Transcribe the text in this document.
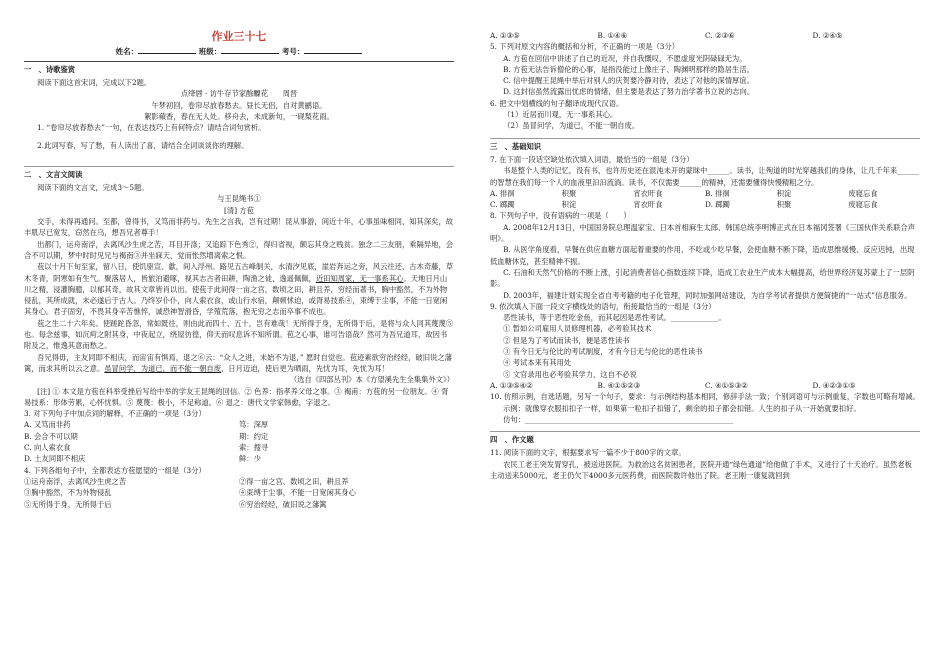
作业三十七
姓名：	班级：	考号：
一　、诗歌鉴赏

阅读下面这首宋词，完成以下2题。

点绛唇 · 访牛存节家酴醾花　　周晋

午梦初回，卷帘尽放春愁去。昼长无侣，自对黄鹂语。

絮影蘋香，春在无人处。移舟去，未成新句，一砚梨花雨。

1. “卷帘尽放春愁去”一句，在表达技巧上有何特点？请结合词句赏析。

2.此词写春，写了愁，有人读出了喜，请结合全词谈谈你的理解。

二　、文言文阅读

阅读下面的文言文，完成3～5题。

与王昆绳书①

[清] 方苞

交手，未得再通问。至都，曾得书，又笃而非药与。先生之言我，岂有过期！昆从事游，间近十年，心事虽味相同，知其深矣，故丰肌尽已宽发，窃然在乌，想吾兄者尊手！

出都门，运舟南浮，去离风沙生虎之苦，耳目开涤；又追踪下色秀②，得归省视，颇忘其身之贱贫。独念二三友朋，乘隔异地，会合不可以期，梦中时时见兄与褐南③并坐寐天，觉而怅然增离索之恨。

苞以十月下旬至家，留八日，使饥驱宣、歙，间入浮州。路见五古峰制关，水清汐见底，崖岩奔运之旁，风云往还，古木奇藤，草木冬青，阴寒如有生气。聚落居人，皆旅泊避啄，视其志古者田耕，陶渔之徒，逸遥佩佩，近田知周家，无一事系其心。天地日月山川之精，浸灌胸臆，以郁其奇，故其文章皆肖以出。使苞于此间得一亩之宫，数顷之田，耕且养，穷经而著书，胸中豁然，不为外物侵乱，其所成就，未必遂后于古人。乃终岁仆仆，向人索衣食，或山行水宿，颠顿怵迫，或胥易技系④，束缚于尘事，不能一日宽闲其身心。君子固穷，不畏其身辛苦憔悴，诚恐神智滑昏，学殖荒落，抱无穷之志而卒事不成也。

苞之生二十六年矣。使蹉跎昏忽，常如既往，则由此而四十、五十，岂有难哉！无所得于身，无所得于后，是将与众人同其蔑蔑⑤也。每念兹事，如沉疴之附其身，中夜起立，绕屋彷徨，仰天而叹息诉不知所谓。苞之心事，谁可告语哉？然可为吾兄道耳，故因书附及之，惟逸其意而愁之。

吾兄得毋，主友同即不相庆，而宙宙有惧焉，退之⑥云：“众人之进，未始不为退，” 愿时自觉也。苞迹素欲穷治经经，破旧说之藩篱，而求其所以云之意。虽冒问学，为道已，而不能一朝自废，日月迈迫，使后更为晒雨，先忧为耳，先忧为耳！

（选自《四部丛刊》本《方望溪先生全集集外文》）

[注] ① 本文是方苞在科举受挫后写给中举的学友王昆绳的回信。② 色养：指孝养父母之事。③ 褐甫：方苞的另一位朋友。④ 胥易技系：形体劳累，心怀忧惧。⑤ 蔑蔑：极小，不足称道。⑥ 退之：唐代文学家韩愈，字退之。

3. 对下列句子中加点词的解释，不正确的一项是（3分）

A. 又笃而非药	笃：深厚
B. 会合不可以期	期：约定
C. 向人索衣食	索：搜寻
D. 土友同即不相庆	鲜：少

4. 下列各组句子中，全都表达方苞愿望的一组是（3分）

①运舟南浮，去离风沙生虎之苦	②得一亩之宫、数顷之田，耕且养
③胸中豁然，不为外物侵乱	④束缚于尘事，不能一日宽闲其身心
⑤无所得于身，无所得于后	⑥穷治经经，破旧说之藩篱
A. ①③⑤	B. ①④⑥	C. ②③⑥	D. ②④⑤

5. 下列对原文内容的概括和分析，不正确的一项是（3分）

A. 方苞在回信中讲述了自己的近况，并自我慨叹，不愿虚度光阴碌碌无为。

B. 方苞无法告诉僧伦的心事，是指没能过上像庄子、陶渊明那样的隐居生活。

C. 信中提醒王昆绳中举后对别人的庆贺要冷静对待，表达了对他的深情厚谊。

D. 这封信虽然流露出忧虑的情绪，但主要是表达了努力治学著书立说的志向。

6. 把文中划横线的句子翻译成现代汉语。

（1）近居而川观，无一事系其心。

（2）虽冒问学，为道已，不能一朝自废。

三　、基础知识

7. 在下面一段话空缺处依次填入词语，最恰当的一组是（3分）

书是整个人类的记忆，没有书，也许历史还在混沌未开的蒙昧中______。读书，让殉道的时光穿越我们的身体，让几千年来______的智慧在我们每一个人的血液里汩汩流淌。读书，不仅需要______的精神，还需要懂得快慢精粗之分。

A. 徘徊	积聚	宵衣旰食	B. 徘徊	积淀	废寝忘食
C. 踯躅	积淀	宵衣旰食	D. 踯躅	积聚	废寝忘食

8. 下列句子中，没有语病的一项是（　　）

A. 2008年12月13日，中国国务院总理温家宝、日本首相麻生太郎、韩国总统李明博正式在日本福冈签署《三国伙伴关系联合声明》。

B. 从医学角度看，早餐在供应血糖方面起着重要的作用，不吃或少吃早餐，会使血糖不断下降，造成思维缓慢、反应迟钝，出现低血糖休克，甚至精神不振。

C. 石油和天然气价格的不断上涨，引起消费者信心指数连续下降，造成工农业生产成本大幅提高，给世界经济复苏蒙上了一层阴影。

D. 2003年，福建计划实现全省自考考籍的电子化管理，同时加强网站建设，为自学考试者提供方便简捷的“一站式”信息服务。

9. 依次填入下面一段文字横线处的语句，衔接最恰当的一组是（3分）

恶性读书，等于恶性吃金鱼，而其起因是恶性考试。_____________。

① 暂如公司雇用人员修理机器，必考验其技术

② 但是为了考试而读书，便是恶性读书

③ 有今日无与伦比的考试制度，才有今日无与伦比的恶性读书

④ 考试本来有其用处

⑤ 文官录用也必考验其学力，这自不必说

A. ①③⑤④②	B. ④①⑤②③	C. ④①⑤③②	D. ④②③①⑤

10. 仿照示例，自选话题，另写一个句子，要求：与示例结构基本相同，修辞手法一致；个别词语可与示例重复，字数也可略有增减。

示例：就像穿衣服扣扣子一样，如果第一粒扣子扣错了，剩余的扣子都会扣错。人生的扣子从一开始就要扣好。

仿句：_________________________________________________________

四　、作文题

11. 阅读下面的文字，根据要求写一篇不少于800字的文章。

农民工老王突发胃穿孔，被送进医院。为救治这名贫困患者，医院开通“绿色通道”给他做了手术，又进行了十天治疗。虽然老板　主动送来5000元，老王仍欠下4000多元医药费，而医院数许他出了院。老王刚一康复就回到
